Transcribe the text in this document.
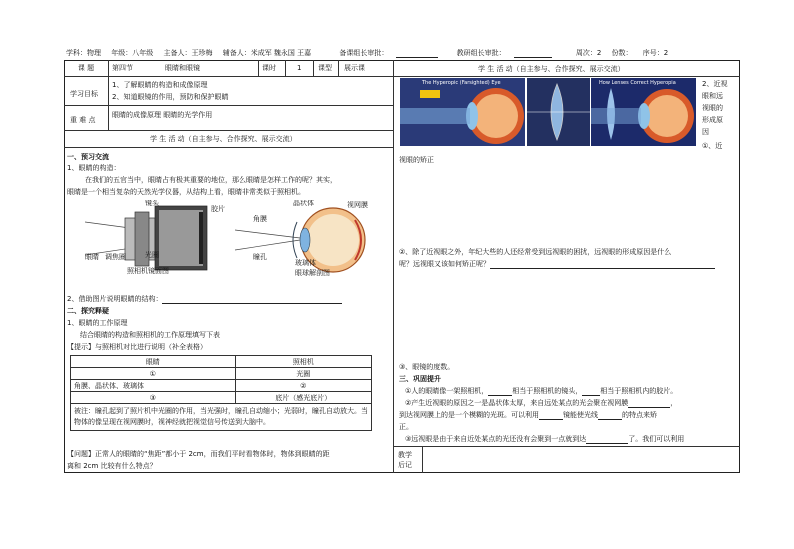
学科：物理 年级：八年级 主备人：王珍梅 辅备人：米成军 魏永国 王嘉	备课组长审批：	教研组长审批：	周次：2 份数： 序号：2
课 题	第四节	眼睛和眼镜	课时	1 课型 展示课
学习目标
1、了解眼睛的构造和成像原理
2、知道眼镜的作用，预防和保护眼睛
重 难 点
眼睛的成像原理 眼睛的光学作用
学 生 活 动（自主参与、合作探究、展示交流）
一、预习交流
1、眼睛的构造：
在我们的五官当中，眼睛占有极其重要的地位，那么眼睛是怎样工作的呢？其实，
眼睛是一个相当复杂的天然光学仪器，从结构上看，眼睛非常类似于照相机。
镜头
胶片
光圈
调焦圈
眼睛
照相机镜面图
角膜
晶状体	视网膜
瞳孔
玻璃体
眼球解剖图
2、借助图片说明眼睛的结构：
二、探究释疑
1、眼睛的工作原理
结合眼睛的构造和照相机的工作原理填写下表
【提示】与照相机对比进行说明（补全表格）
眼睛	照相机
①	光圈
角膜、晶状体、玻璃体	②
③	底片（感光底片）
被注：瞳孔起到了照片机中光圈的作用，当光强时，瞳孔自动缩小；光弱时，瞳孔自动放大。当物体的像呈现在视网膜时，视神经就把视觉信号传送到大脑中。	
【问题】正常人的眼睛的“焦距”都小于 2cm，而我们平时看物体时，物体到眼睛的距
离和 2cm 比较有什么特点？
学 生 活 动（自主参与、合作探究、展示交流）
The Hyperopic (Farsighted) Eye	How Lenses Correct Hyperopia	2、近视
眼和远
视眼的
形成原
因
①、近
视眼的矫正
②、除了近视眼之外，年纪大些的人还经常受到远视眼的困扰，远视眼的形成原因是什么
呢？远视眼又该如何矫正呢？
③、眼镜的度数。
三、巩固提升
①人的眼睛像一架照相机，	相当于照相机的镜头，	相当于照相机内的胶片。
②产生近视眼的原因之一是晶状体太厚，来自远处某点的光会聚在视网膜	，
到达视网膜上的是一个模糊的光斑。可以利用	镜能使光线	的特点来矫
正。
③远视眼是由于来自近处某点的光还没有会聚到一点就到达	了。我们可以利用
教学后记
